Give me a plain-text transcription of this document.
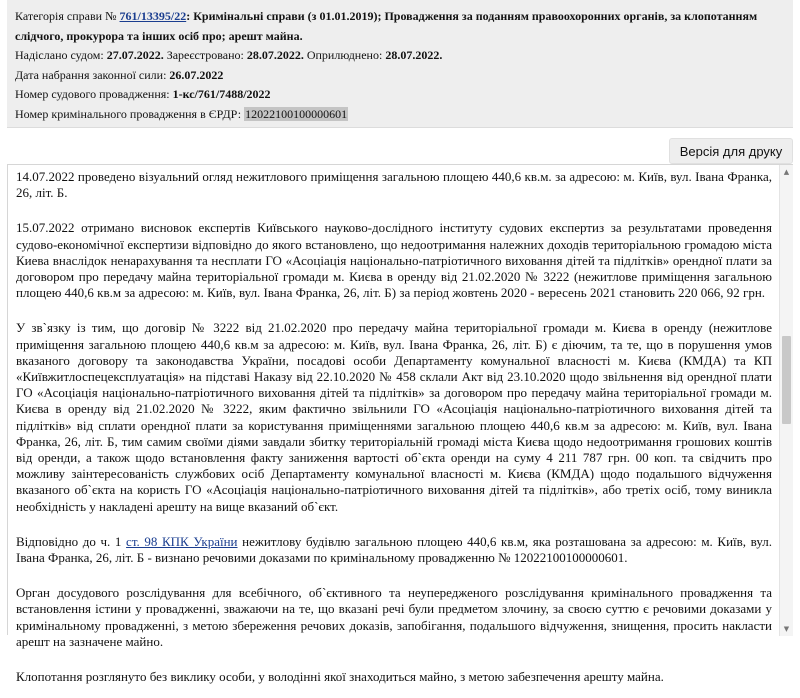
Категорія справи № 761/13395/22: Кримінальні справи (з 01.01.2019); Провадження за поданням правоохоронних органів, за клопотанням слідчого, прокурора та інших осіб про; арешт майна.
Надіслано судом: 27.07.2022. Зареєстровано: 28.07.2022. Оприлюднено: 28.07.2022.
Дата набрання законної сили: 26.07.2022
Номер судового провадження: 1-кс/761/7488/2022
Номер кримінального провадження в ЄРДР: 12022100100000601
Версія для друку

14.07.2022 проведено візуальний огляд нежитлового приміщення загальною площею 440,6 кв.м. за адресою: м. Київ, вул. Івана Франка, 26, літ. Б.

15.07.2022 отримано висновок експертів Київського науково-дослідного інституту судових експертиз за результатами проведення судово-економічної експертизи відповідно до якого встановлено, що недоотримання належних доходів територіальною громадою міста Киева внаслідок ненарахування та несплати ГО «Асоціація національно-патріотичного виховання дітей та підлітків» орендної плати за договором про передачу майна територіальної громади м. Києва в оренду від 21.02.2020 № 3222 (нежитлове приміщення загальною площею 440,6 кв.м за адресою: м. Київ, вул. Івана Франка, 26, літ. Б) за період жовтень 2020 - вересень 2021 становить 220 066, 92 грн.

У зв`язку із тим, що договір № 3222 від 21.02.2020 про передачу майна територіальної громади м. Києва в оренду (нежитлове приміщення загальною площею 440,6 кв.м за адресою: м. Київ, вул. Івана Франка, 26, літ. Б) є діючим, та те, що в порушення умов вказаного договору та законодавства України, посадові особи Департаменту комунальної власності м. Києва (КМДА) та КП «Київжитлоспецексплуатація» на підставі Наказу від 22.10.2020 № 458 склали Акт від 23.10.2020 щодо звільнення від орендної плати ГО «Асоціація національно-патріотичного виховання дітей та підлітків» за договором про передачу майна територіальної громади м. Києва в оренду від 21.02.2020 № 3222, яким фактично звільнили ГО «Асоціація національно-патріотичного виховання дітей та підлітків» від сплати орендної плати за користування приміщеннями загальною площею 440,6 кв.м за адресою: м. Київ, вул. Івана Франка, 26, літ. Б, тим самим своїми діями завдали збитку територіальній громаді міста Києва щодо недоотримання грошових коштів від оренди, а також щодо встановлення факту заниження вартості об`єкта оренди на суму 4 211 787 грн. 00 коп. та свідчить про можливу заінтересованість службових осіб Департаменту комунальної власності м. Києва (КМДА) щодо подальшого відчуження вказаного об`єкта на користь ГО «Асоціація національно-патріотичного виховання дітей та підлітків», або третіх осіб, тому виникла необхідність у накладені арешту на вище вказаний об`єкт.

Відповідно до ч. 1 ст. 98 КПК України нежитлову будівлю загальною площею 440,6 кв.м, яка розташована за адресою: м. Київ, вул. Івана Франка, 26, літ. Б - визнано речовими доказами по кримінальному провадженню № 12022100100000601.

Орган досудового розслідування для всебічного, об`єктивного та неупередженого розслідування кримінального провадження та встановлення істини у провадженні, зважаючи на те, що вказані речі були предметом злочину, за своєю суттю є речовими доказами у кримінальному провадженні, з метою збереження речових доказів, запобігання, подальшого відчуження, знищення, просить накласти арешт на зазначене майно.

Клопотання розглянуто без виклику особи, у володінні якої знаходиться майно, з метою забезпечення арешту майна.

▲
▼
